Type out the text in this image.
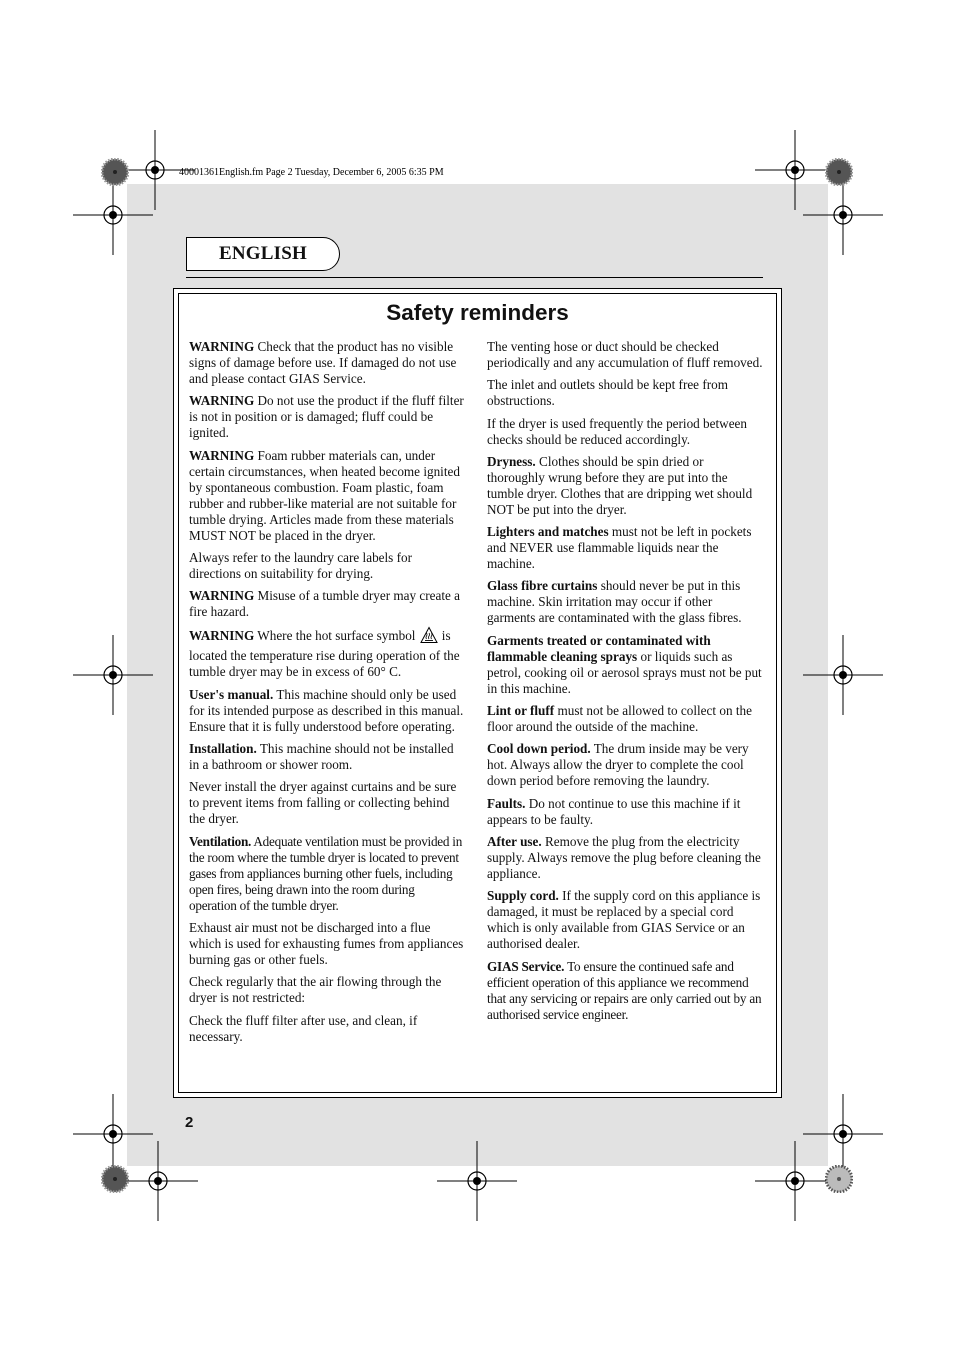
40001361English.fm Page 2 Tuesday, December 6, 2005 6:35 PM
ENGLISH
Safety reminders

WARNING Check that the product has no visible signs of damage before use. If damaged do not use and please contact GIAS Service.

WARNING Do not use the product if the fluff filter is not in position or is damaged; fluff could be ignited.

WARNING Foam rubber materials can, under certain circumstances, when heated become ignited by spontaneous combustion. Foam plastic, foam rubber and rubber-like material are not suitable for tumble drying. Articles made from these materials MUST NOT be placed in the dryer.

Always refer to the laundry care labels for directions on suitability for drying.

WARNING Misuse of a tumble dryer may create a fire hazard.

WARNING Where the hot surface symbol is located the temperature rise during operation of the tumble dryer may be in excess of 60° C.

User's manual. This machine should only be used for its intended purpose as described in this manual. Ensure that it is fully understood before operating.

Installation. This machine should not be installed in a bathroom or shower room.

Never install the dryer against curtains and be sure to prevent items from falling or collecting behind the dryer.

Ventilation. Adequate ventilation must be provided in the room where the tumble dryer is located to prevent gases from appliances burning other fuels, including open fires, being drawn into the room during operation of the tumble dryer.

Exhaust air must not be discharged into a flue which is used for exhausting fumes from appliances burning gas or other fuels.

Check regularly that the air flowing through the dryer is not restricted:

Check the fluff filter after use, and clean, if necessary.

The venting hose or duct should be checked periodically and any accumulation of fluff removed.

The inlet and outlets should be kept free from obstructions.

If the dryer is used frequently the period between checks should be reduced accordingly.

Dryness. Clothes should be spin dried or thoroughly wrung before they are put into the tumble dryer. Clothes that are dripping wet should NOT be put into the dryer.

Lighters and matches must not be left in pockets and NEVER use flammable liquids near the machine.

Glass fibre curtains should never be put in this machine. Skin irritation may occur if other garments are contaminated with the glass fibres.

Garments treated or contaminated with flammable cleaning sprays or liquids such as petrol, cooking oil or aerosol sprays must not be put in this machine.

Lint or fluff must not be allowed to collect on the floor around the outside of the machine.

Cool down period. The drum inside may be very hot. Always allow the dryer to complete the cool down period before removing the laundry.

Faults. Do not continue to use this machine if it appears to be faulty.

After use. Remove the plug from the electricity supply. Always remove the plug before cleaning the appliance.

Supply cord. If the supply cord on this appliance is damaged, it must be replaced by a special cord which is only available from GIAS Service or an authorised dealer.

GIAS Service. To ensure the continued safe and efficient operation of this appliance we recommend that any servicing or repairs are only carried out by an authorised service engineer.

2
